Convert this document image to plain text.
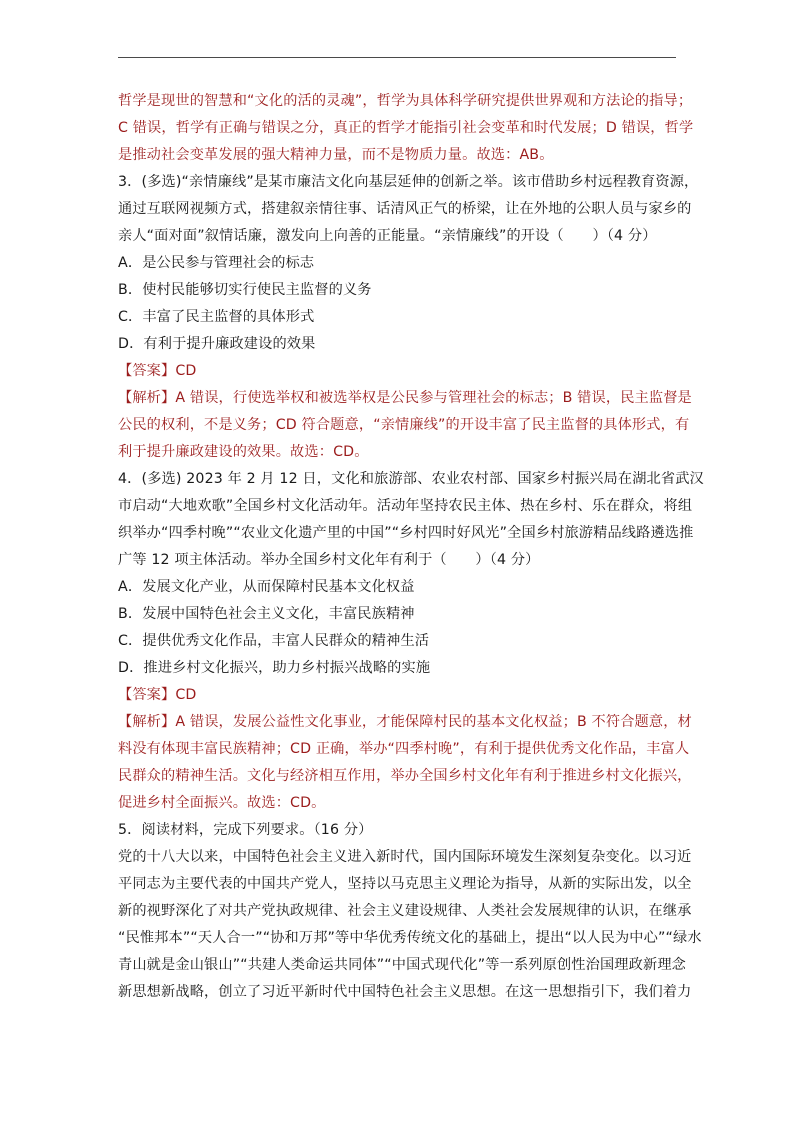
哲学是现世的智慧和“文化的活的灵魂”，哲学为具体科学研究提供世界观和方法论的指导；
C 错误，哲学有正确与错误之分，真正的哲学才能指引社会变革和时代发展；D 错误，哲学
是推动社会变革发展的强大精神力量，而不是物质力量。故选：AB。
3．(多选)“亲情廉线”是某市廉洁文化向基层延伸的创新之举。该市借助乡村远程教育资源，
通过互联网视频方式，搭建叙亲情往事、话清风正气的桥梁，让在外地的公职人员与家乡的
亲人“面对面”叙情话廉，激发向上向善的正能量。“亲情廉线”的开设（　　）（4 分）
A．是公民参与管理社会的标志
B．使村民能够切实行使民主监督的义务
C．丰富了民主监督的具体形式
D．有利于提升廉政建设的效果
【答案】CD
【解析】A 错误，行使选举权和被选举权是公民参与管理社会的标志；B 错误，民主监督是
公民的权利，不是义务；CD 符合题意，“亲情廉线”的开设丰富了民主监督的具体形式，有
利于提升廉政建设的效果。故选：CD。
4．(多选) 2023 年 2 月 12 日，文化和旅游部、农业农村部、国家乡村振兴局在湖北省武汉
市启动“大地欢歌”全国乡村文化活动年。活动年坚持农民主体、热在乡村、乐在群众，将组
织举办“四季村晚”“农业文化遗产里的中国”“乡村四时好风光”全国乡村旅游精品线路遴选推
广等 12 项主体活动。举办全国乡村文化年有利于（　　）（4 分）
A．发展文化产业，从而保障村民基本文化权益
B．发展中国特色社会主义文化，丰富民族精神
C．提供优秀文化作品，丰富人民群众的精神生活
D．推进乡村文化振兴，助力乡村振兴战略的实施
【答案】CD
【解析】A 错误，发展公益性文化事业，才能保障村民的基本文化权益；B 不符合题意，材
料没有体现丰富民族精神；CD 正确，举办“四季村晚”，有利于提供优秀文化作品，丰富人
民群众的精神生活。文化与经济相互作用，举办全国乡村文化年有利于推进乡村文化振兴，
促进乡村全面振兴。故选：CD。
5．阅读材料，完成下列要求。（16 分）
党的十八大以来，中国特色社会主义进入新时代，国内国际环境发生深刻复杂变化。以习近
平同志为主要代表的中国共产党人，坚持以马克思主义理论为指导，从新的实际出发，以全
新的视野深化了对共产党执政规律、社会主义建设规律、人类社会发展规律的认识，在继承
“民惟邦本”“天人合一”“协和万邦”等中华优秀传统文化的基础上，提出“以人民为中心”“绿水
青山就是金山银山”“共建人类命运共同体”“中国式现代化”等一系列原创性治国理政新理念
新思想新战略，创立了习近平新时代中国特色社会主义思想。在这一思想指引下，我们着力
